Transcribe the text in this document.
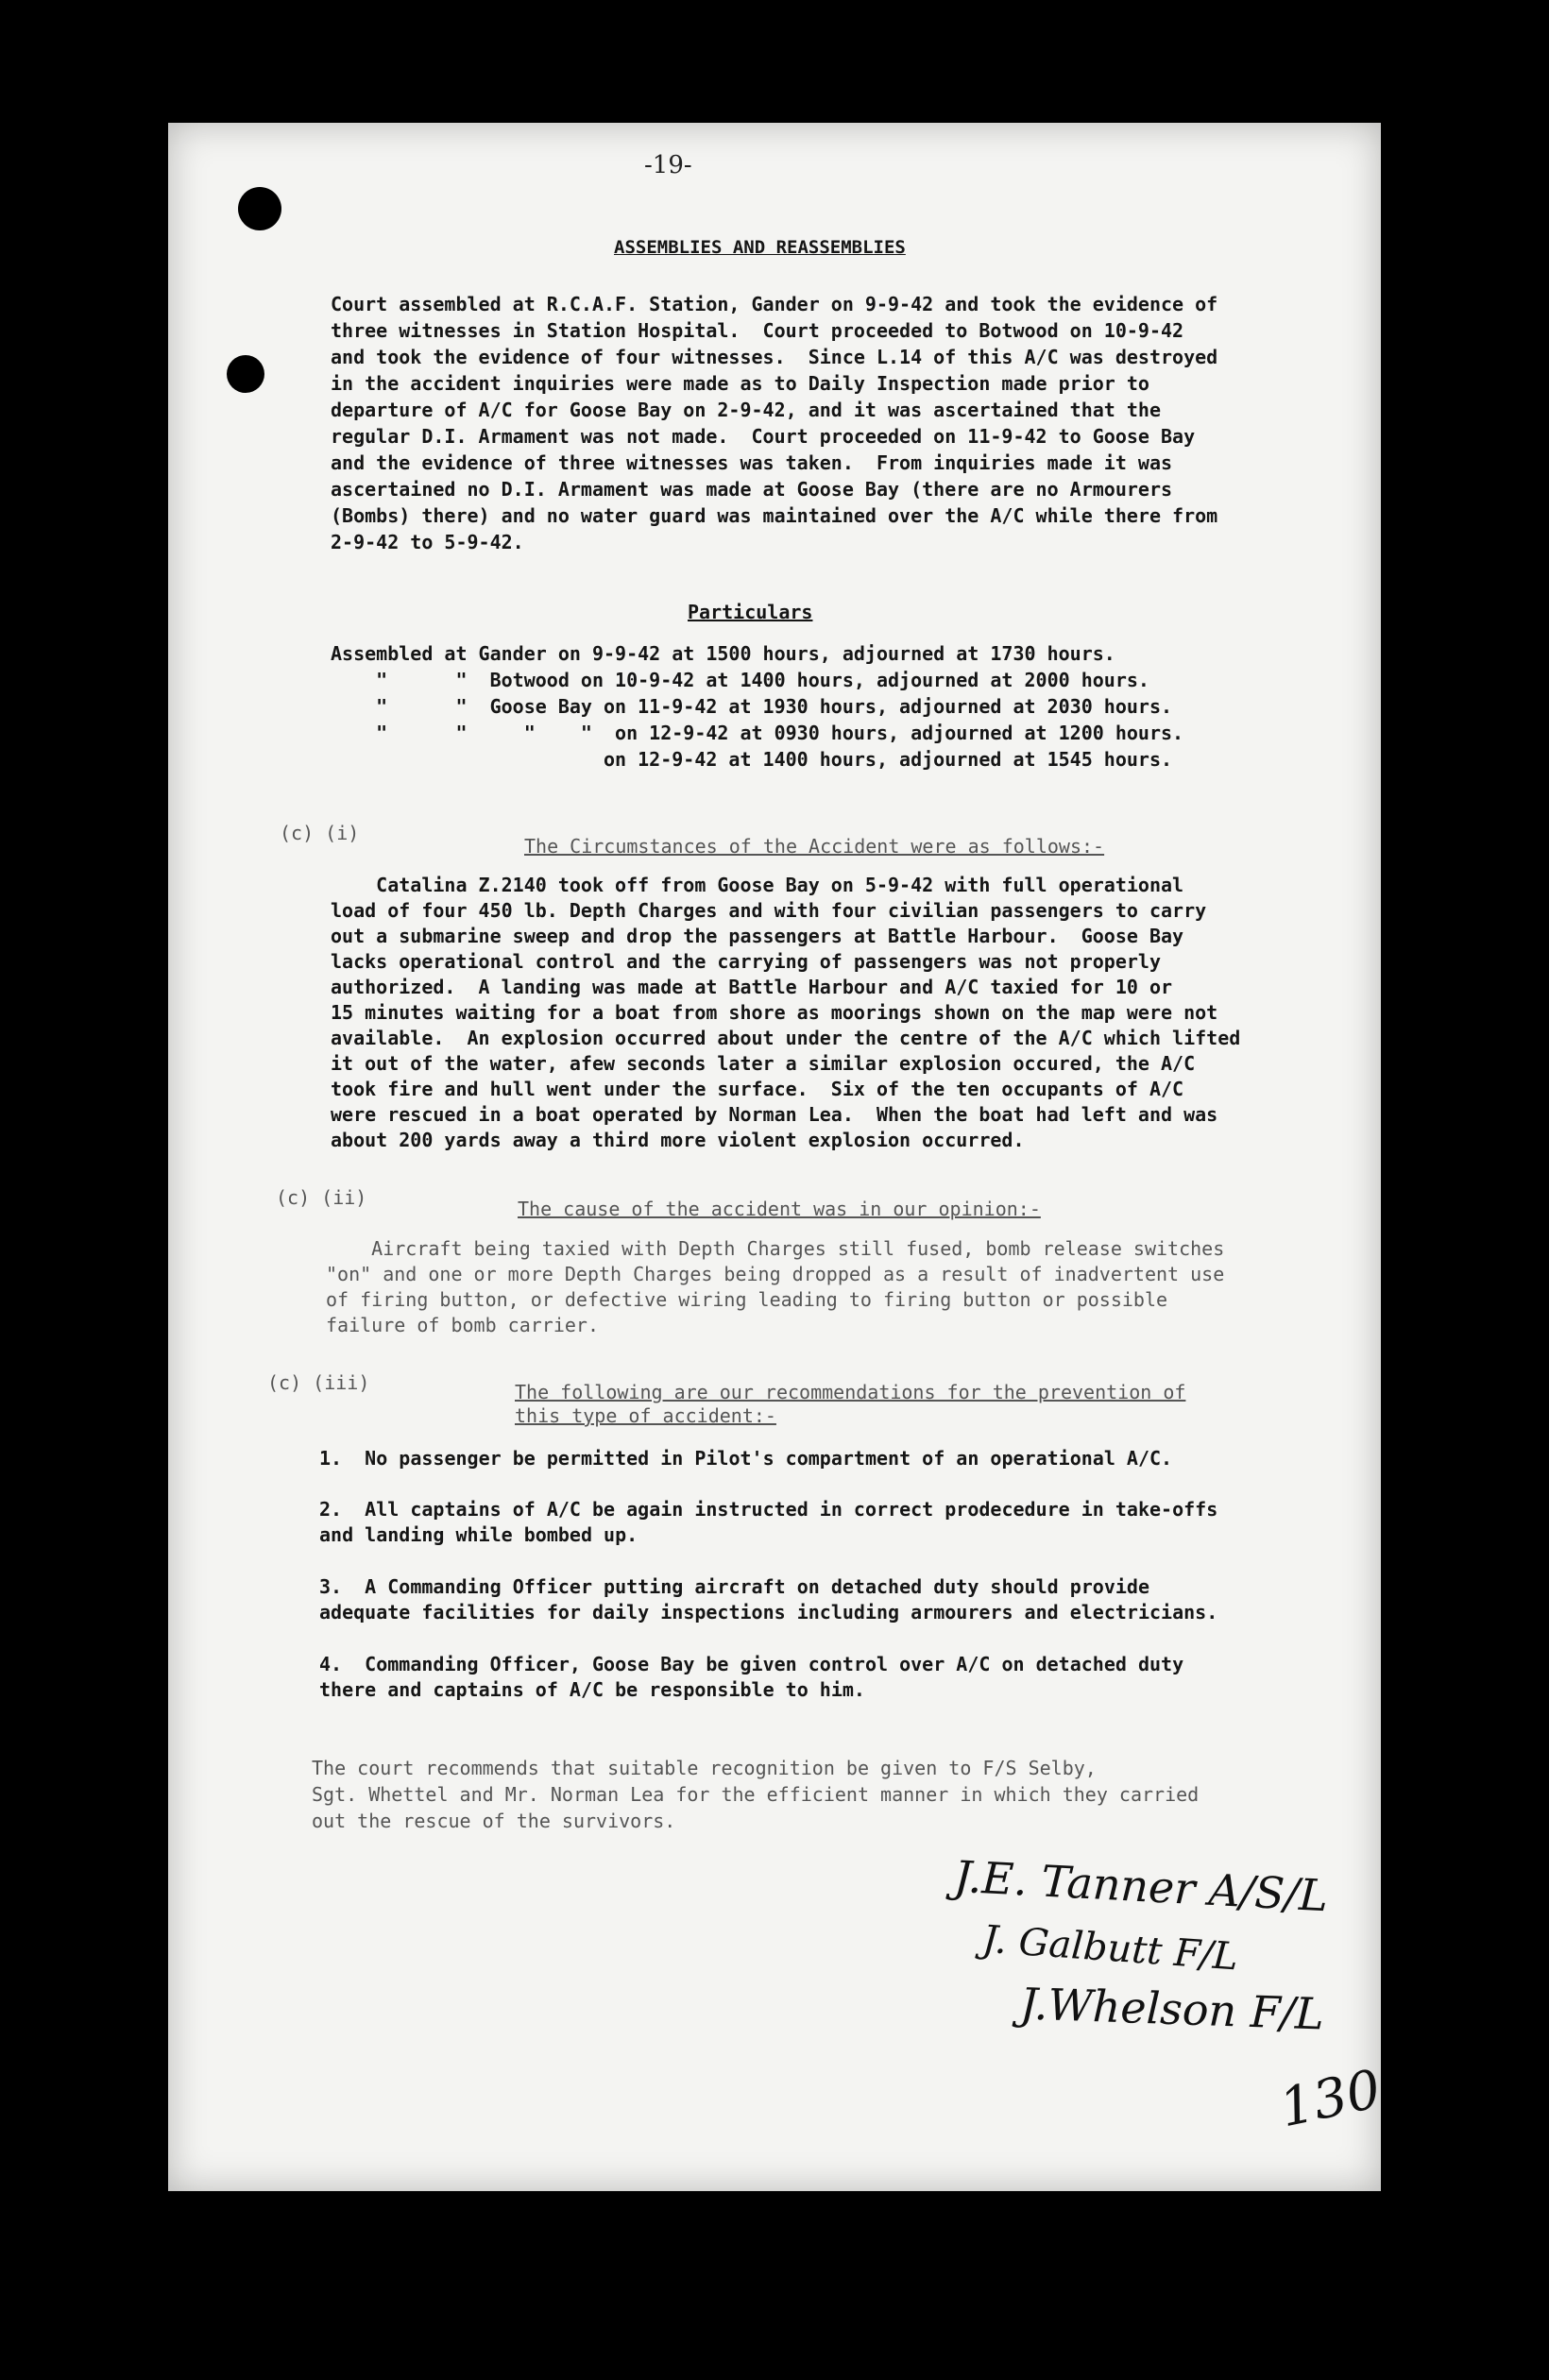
-19-
ASSEMBLIES AND REASSEMBLIES
Court assembled at R.C.A.F. Station, Gander on 9-9-42 and took the evidence of
three witnesses in Station Hospital.  Court proceeded to Botwood on 10-9-42
and took the evidence of four witnesses.  Since L.14 of this A/C was destroyed
in the accident inquiries were made as to Daily Inspection made prior to
departure of A/C for Goose Bay on 2-9-42, and it was ascertained that the
regular D.I. Armament was not made.  Court proceeded on 11-9-42 to Goose Bay
and the evidence of three witnesses was taken.  From inquiries made it was
ascertained no D.I. Armament was made at Goose Bay (there are no Armourers
(Bombs) there) and no water guard was maintained over the A/C while there from
2-9-42 to 5-9-42.
Particulars
Assembled at Gander on 9-9-42 at 1500 hours, adjourned at 1730 hours.
"      "  Botwood on 10-9-42 at 1400 hours, adjourned at 2000 hours.
"      "  Goose Bay on 11-9-42 at 1930 hours, adjourned at 2030 hours.
"      "     "    "  on 12-9-42 at 0930 hours, adjourned at 1200 hours.
on 12-9-42 at 1400 hours, adjourned at 1545 hours.
(c) (i)
The Circumstances of the Accident were as follows:-
Catalina Z.2140 took off from Goose Bay on 5-9-42 with full operational
load of four 450 lb. Depth Charges and with four civilian passengers to carry
out a submarine sweep and drop the passengers at Battle Harbour.  Goose Bay
lacks operational control and the carrying of passengers was not properly
authorized.  A landing was made at Battle Harbour and A/C taxied for 10 or
15 minutes waiting for a boat from shore as moorings shown on the map were not
available.  An explosion occurred about under the centre of the A/C which lifted
it out of the water, afew seconds later a similar explosion occured, the A/C
took fire and hull went under the surface.  Six of the ten occupants of A/C
were rescued in a boat operated by Norman Lea.  When the boat had left and was
about 200 yards away a third more violent explosion occurred.
(c) (ii)	The cause of the accident was in our opinion:-
Aircraft being taxied with Depth Charges still fused, bomb release switches
"on" and one or more Depth Charges being dropped as a result of inadvertent use
of firing button, or defective wiring leading to firing button or possible
failure of bomb carrier.
(c) (iii)	The following are our recommendations for the prevention of
this type of accident:-
1.  No passenger be permitted in Pilot's compartment of an operational A/C.
2.  All captains of A/C be again instructed in correct prodecedure in take-offs
and landing while bombed up.
3.  A Commanding Officer putting aircraft on detached duty should provide
adequate facilities for daily inspections including armourers and electricians.
4.  Commanding Officer, Goose Bay be given control over A/C on detached duty
there and captains of A/C be responsible to him.
The court recommends that suitable recognition be given to F/S Selby,
Sgt. Whettel and Mr. Norman Lea for the efficient manner in which they carried
out the rescue of the survivors.
J.E. Tanner A/S/L
J. Galbutt F/L
J.Whelson F/L
130
